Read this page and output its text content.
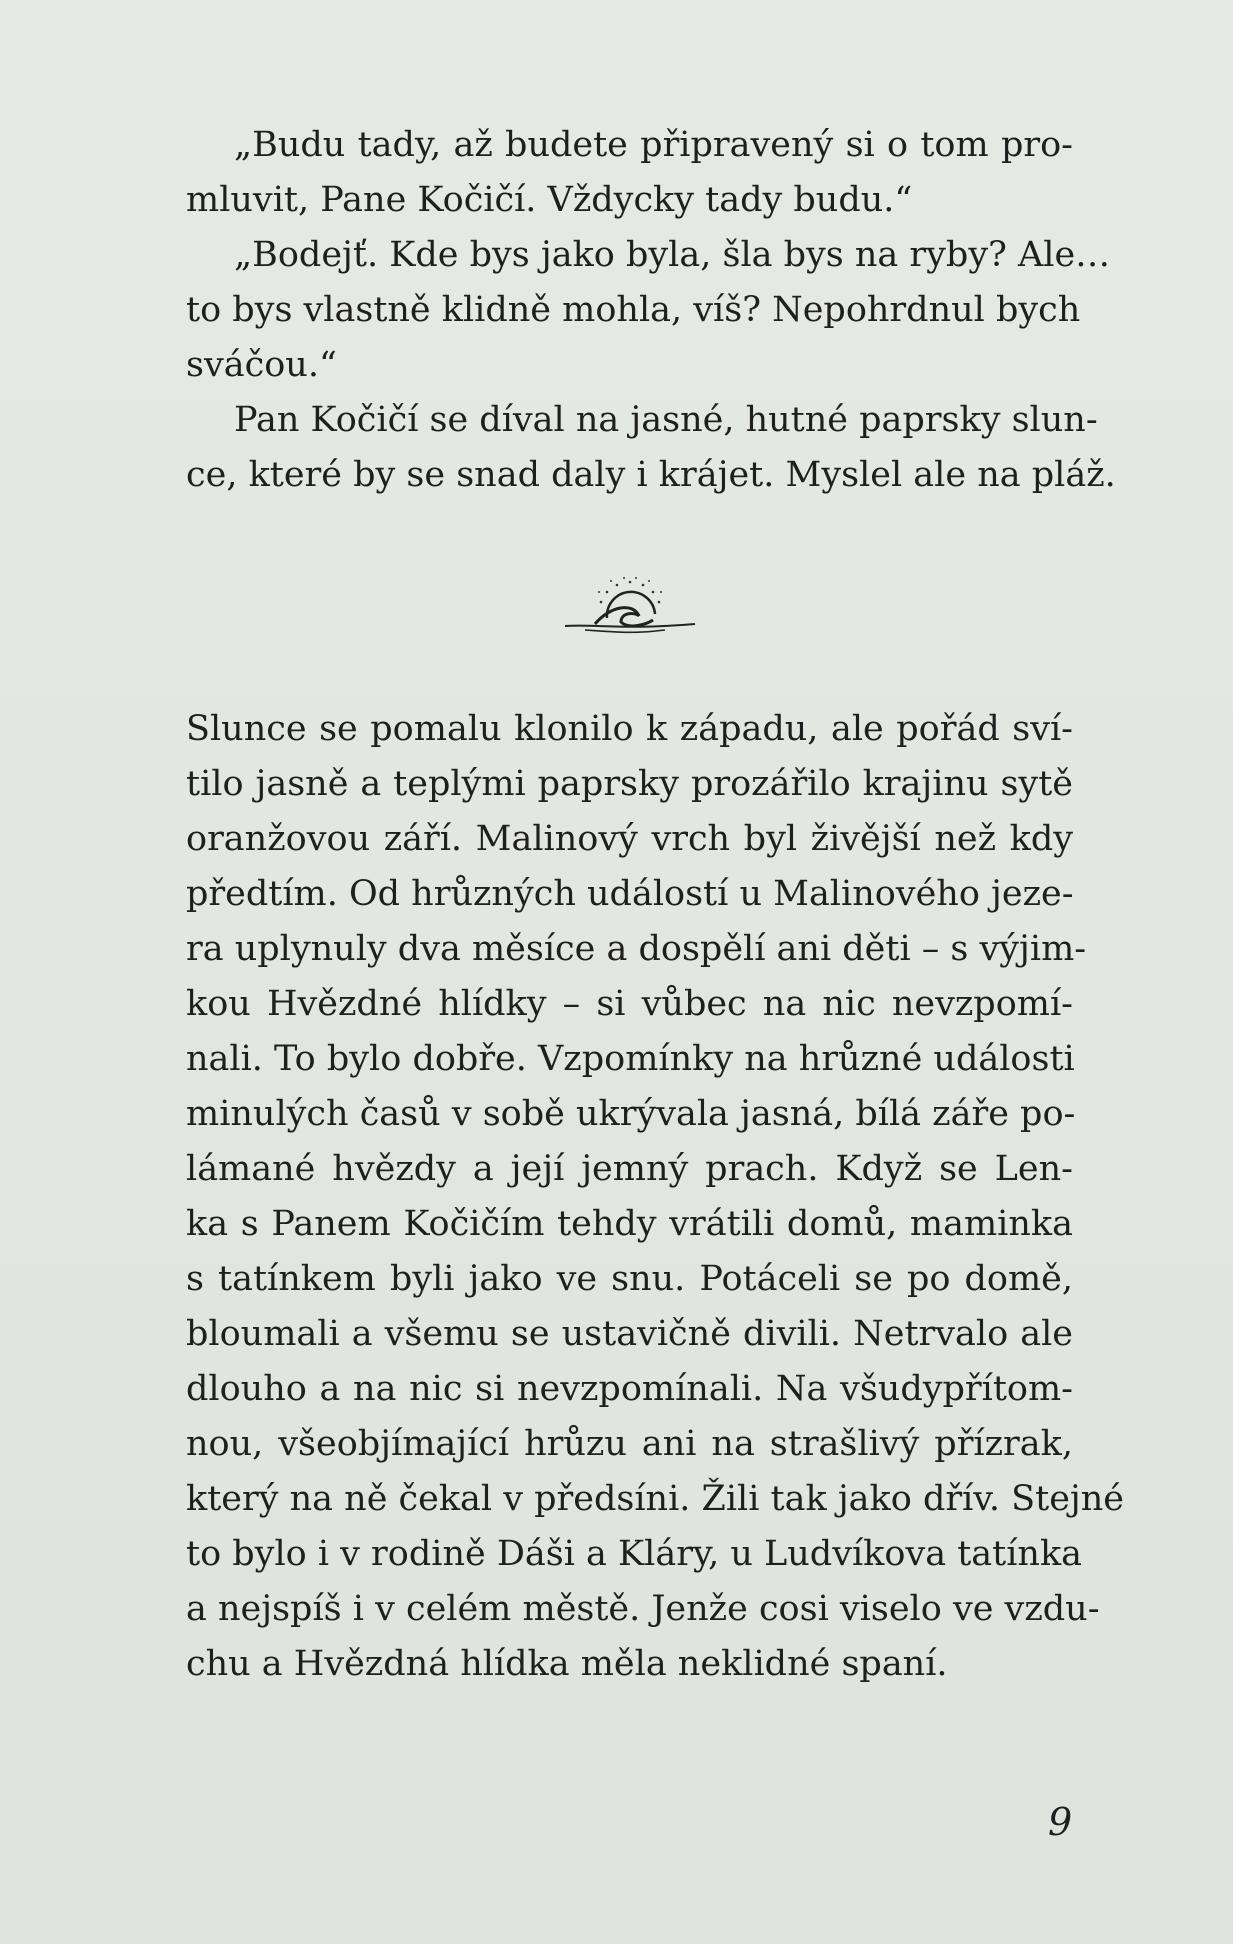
„Budu tady, až budete připravený si o tom pro-
mluvit, Pane Kočičí. Vždycky tady budu.“

„Bodejť. Kde bys jako byla, šla bys na ryby? Ale…
to bys vlastně klidně mohla, víš? Nepohrdnul bych
sváčou.“

Pan Kočičí se díval na jasné, hutné paprsky slun-
ce, které by se snad daly i krájet. Myslel ale na pláž.

Slunce se pomalu klonilo k západu, ale pořád sví-
tilo jasně a teplými paprsky prozářilo krajinu sytě
oranžovou září. Malinový vrch byl živější než kdy
předtím. Od hrůzných událostí u Malinového jeze-
ra uplynuly dva měsíce a dospělí ani děti – s výjim-
kou Hvězdné hlídky – si vůbec na nic nevzpomí-
nali. To bylo dobře. Vzpomínky na hrůzné události
minulých časů v sobě ukrývala jasná, bílá záře po-
lámané hvězdy a její jemný prach. Když se Len-
ka s Panem Kočičím tehdy vrátili domů, maminka
s tatínkem byli jako ve snu. Potáceli se po domě,
bloumali a všemu se ustavičně divili. Netrvalo ale
dlouho a na nic si nevzpomínali. Na všudypřítom-
nou, všeobjímající hrůzu ani na strašlivý přízrak,
který na ně čekal v předsíni. Žili tak jako dřív. Stejné
to bylo i v rodině Dáši a Kláry, u Ludvíkova tatínka
a nejspíš i v celém městě. Jenže cosi viselo ve vzdu-
chu a Hvězdná hlídka měla neklidné spaní.

9
